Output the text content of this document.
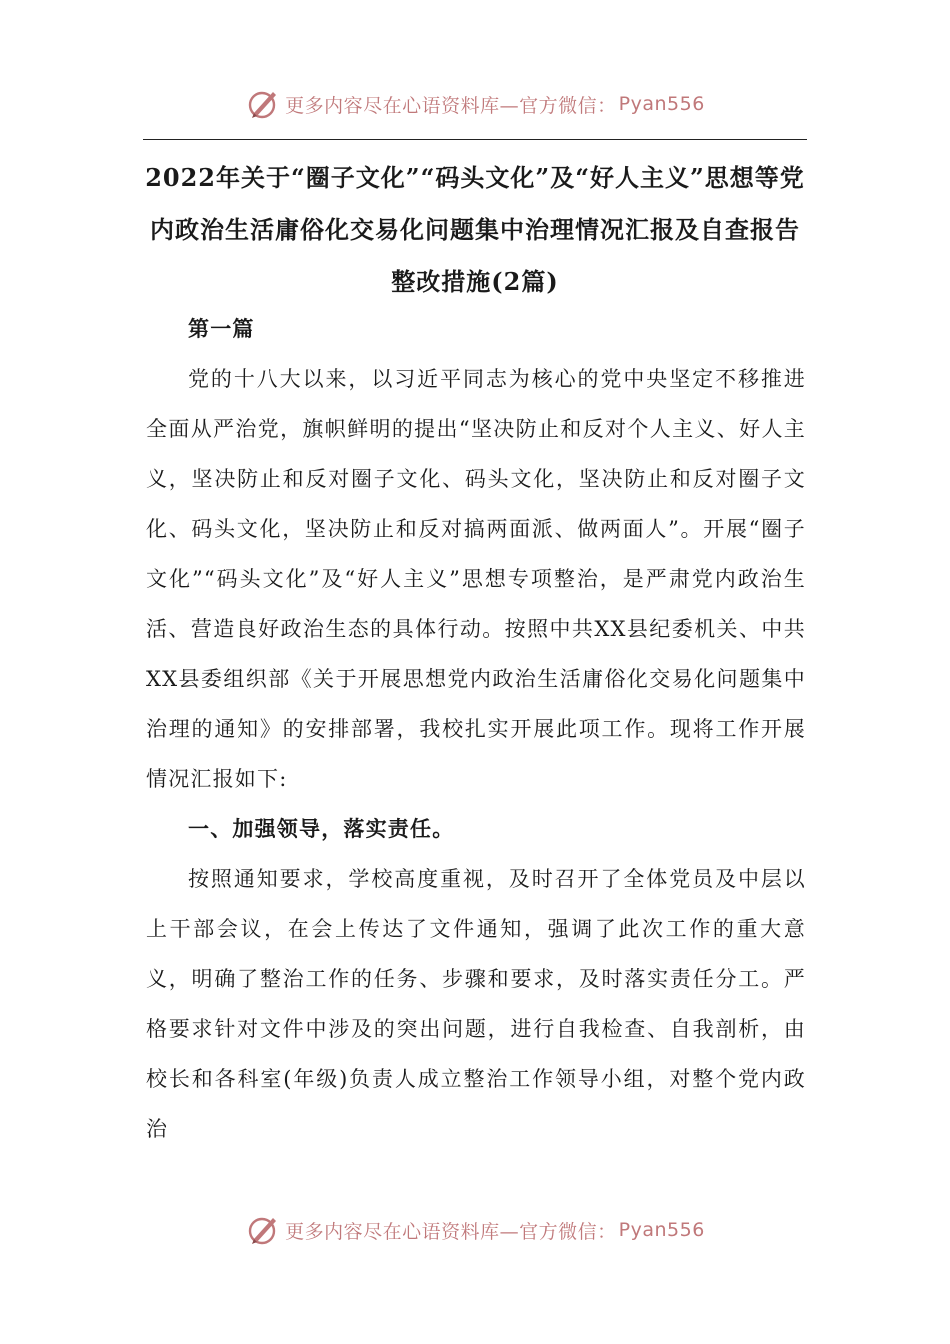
更多内容尽在心语资料库—官方微信： Pyan556
2022年关于“圈子文化”“码头文化”及“好人主义”思想等党内政治生活庸俗化交易化问题集中治理情况汇报及自查报告整改措施(2篇)

第一篇

党的十八大以来，以习近平同志为核心的党中央坚定不移推进全面从严治党，旗帜鲜明的提出“坚决防止和反对个人主义、好人主义，坚决防止和反对圈子文化、码头文化，坚决防止和反对圈子文化、码头文化，坚决防止和反对搞两面派、做两面人”。开展“圈子文化”“码头文化”及“好人主义”思想专项整治，是严肃党内政治生活、营造良好政治生态的具体行动。按照中共XX县纪委机关、中共XX县委组织部《关于开展思想党内政治生活庸俗化交易化问题集中治理的通知》的安排部署，我校扎实开展此项工作。现将工作开展情况汇报如下:

一、加强领导，落实责任。

按照通知要求，学校高度重视，及时召开了全体党员及中层以上干部会议，在会上传达了文件通知，强调了此次工作的重大意义，明确了整治工作的任务、步骤和要求，及时落实责任分工。严格要求针对文件中涉及的突出问题，进行自我检查、自我剖析，由校长和各科室(年级)负责人成立整治工作领导小组，对整个党内政治

更多内容尽在心语资料库—官方微信： Pyan556
